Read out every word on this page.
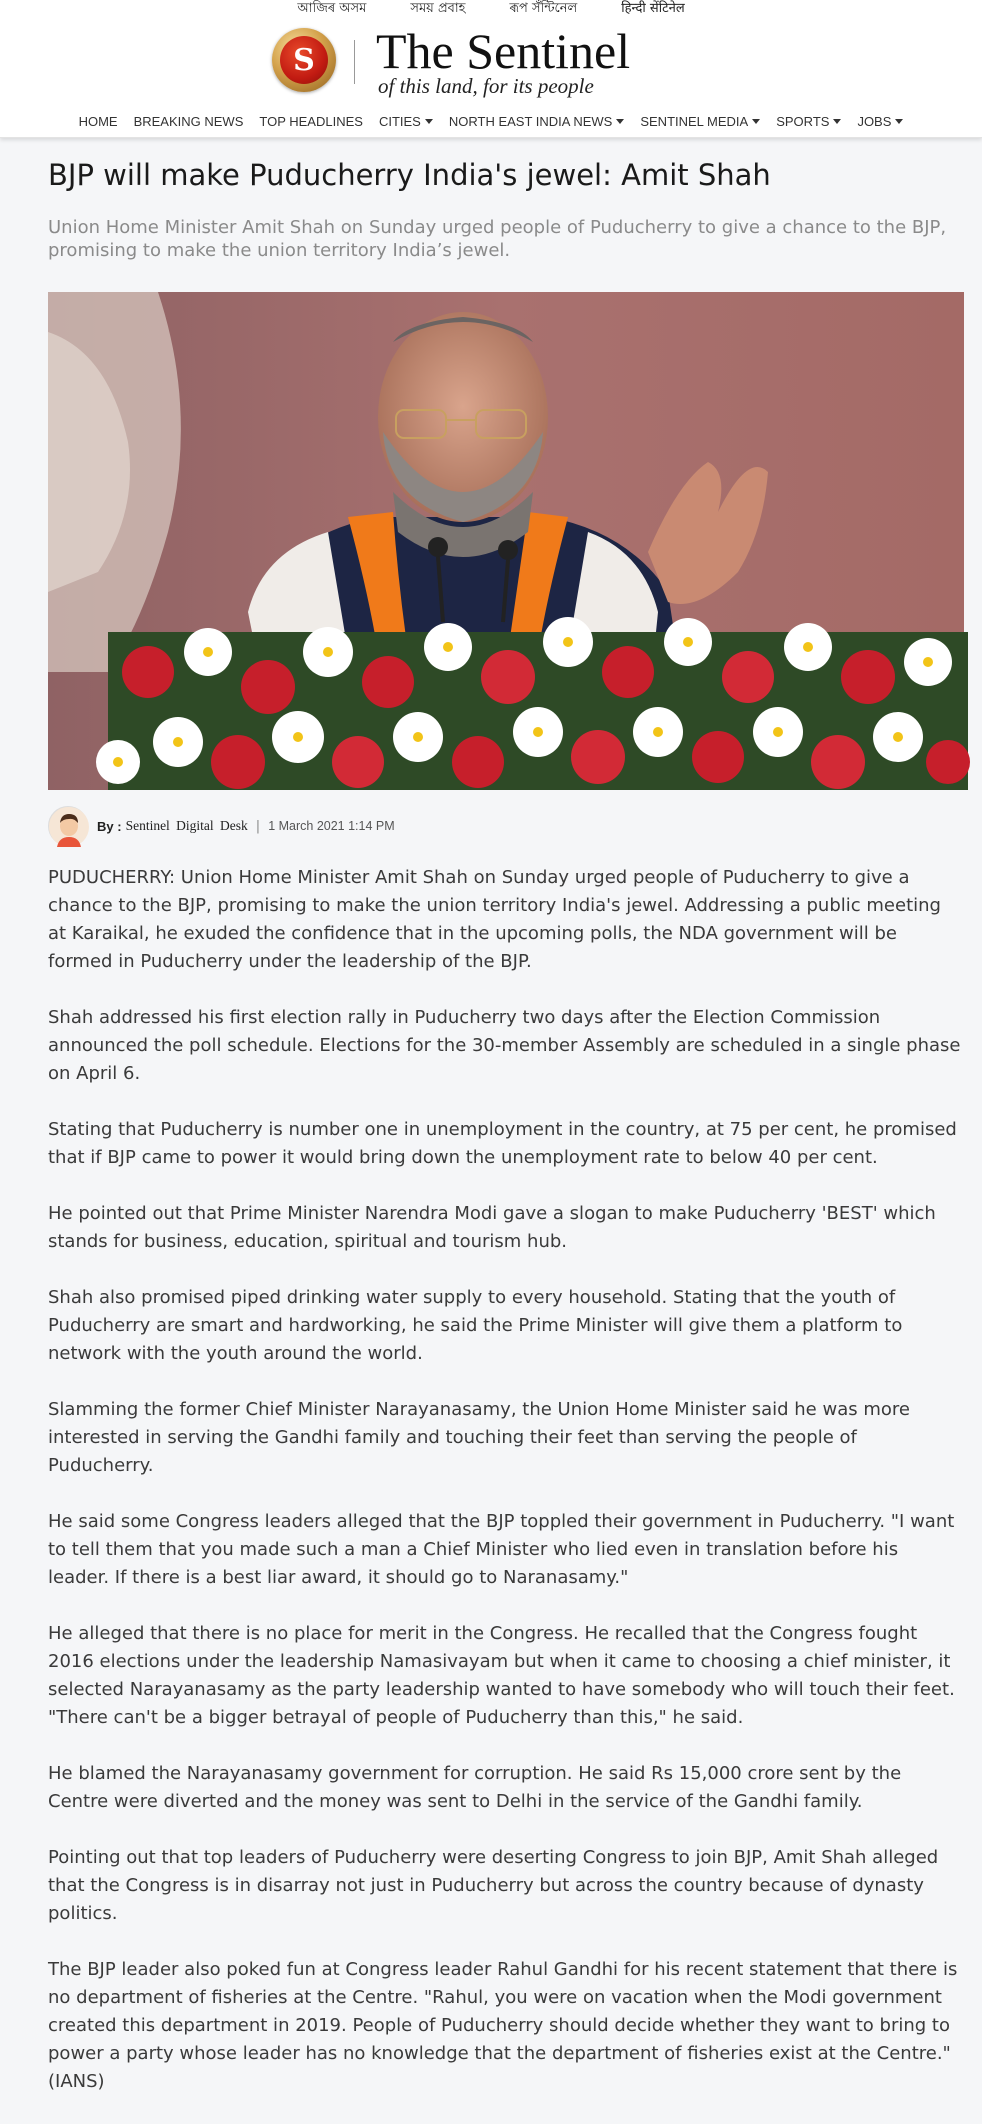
আজিৰ অসম	সময় প্ৰবাহ	ৰূপ সঁন্টিনেল	हिन्दी सेंटिनेल
S The Sentinel
of this land, for its people
HOME BREAKING NEWS TOP HEADLINES CITIES NORTH EAST INDIA NEWS SENTINEL MEDIA SPORTS JOBS
BJP will make Puducherry India's jewel: Amit Shah

Union Home Minister Amit Shah on Sunday urged people of Puducherry to give a chance to the BJP, promising to make the union territory India’s jewel.

By : Sentinel Digital Desk | 1 March 2021 1:14 PM

PUDUCHERRY: Union Home Minister Amit Shah on Sunday urged people of Puducherry to give a chance to the BJP, promising to make the union territory India's jewel. Addressing a public meeting at Karaikal, he exuded the confidence that in the upcoming polls, the NDA government will be formed in Puducherry under the leadership of the BJP.

Shah addressed his first election rally in Puducherry two days after the Election Commission announced the poll schedule. Elections for the 30-member Assembly are scheduled in a single phase on April 6.

Stating that Puducherry is number one in unemployment in the country, at 75 per cent, he promised that if BJP came to power it would bring down the unemployment rate to below 40 per cent.

He pointed out that Prime Minister Narendra Modi gave a slogan to make Puducherry 'BEST' which stands for business, education, spiritual and tourism hub.

Shah also promised piped drinking water supply to every household. Stating that the youth of Puducherry are smart and hardworking, he said the Prime Minister will give them a platform to network with the youth around the world.

Slamming the former Chief Minister Narayanasamy, the Union Home Minister said he was more interested in serving the Gandhi family and touching their feet than serving the people of Puducherry.

He said some Congress leaders alleged that the BJP toppled their government in Puducherry. "I want to tell them that you made such a man a Chief Minister who lied even in translation before his leader. If there is a best liar award, it should go to Naranasamy."

He alleged that there is no place for merit in the Congress. He recalled that the Congress fought 2016 elections under the leadership Namasivayam but when it came to choosing a chief minister, it selected Narayanasamy as the party leadership wanted to have somebody who will touch their feet. "There can't be a bigger betrayal of people of Puducherry than this," he said.

He blamed the Narayanasamy government for corruption. He said Rs 15,000 crore sent by the Centre were diverted and the money was sent to Delhi in the service of the Gandhi family.

Pointing out that top leaders of Puducherry were deserting Congress to join BJP, Amit Shah alleged that the Congress is in disarray not just in Puducherry but across the country because of dynasty politics.

The BJP leader also poked fun at Congress leader Rahul Gandhi for his recent statement that there is no department of fisheries at the Centre. "Rahul, you were on vacation when the Modi government created this department in 2019. People of Puducherry should decide whether they want to bring to power a party whose leader has no knowledge that the department of fisheries exist at the Centre." (IANS)
